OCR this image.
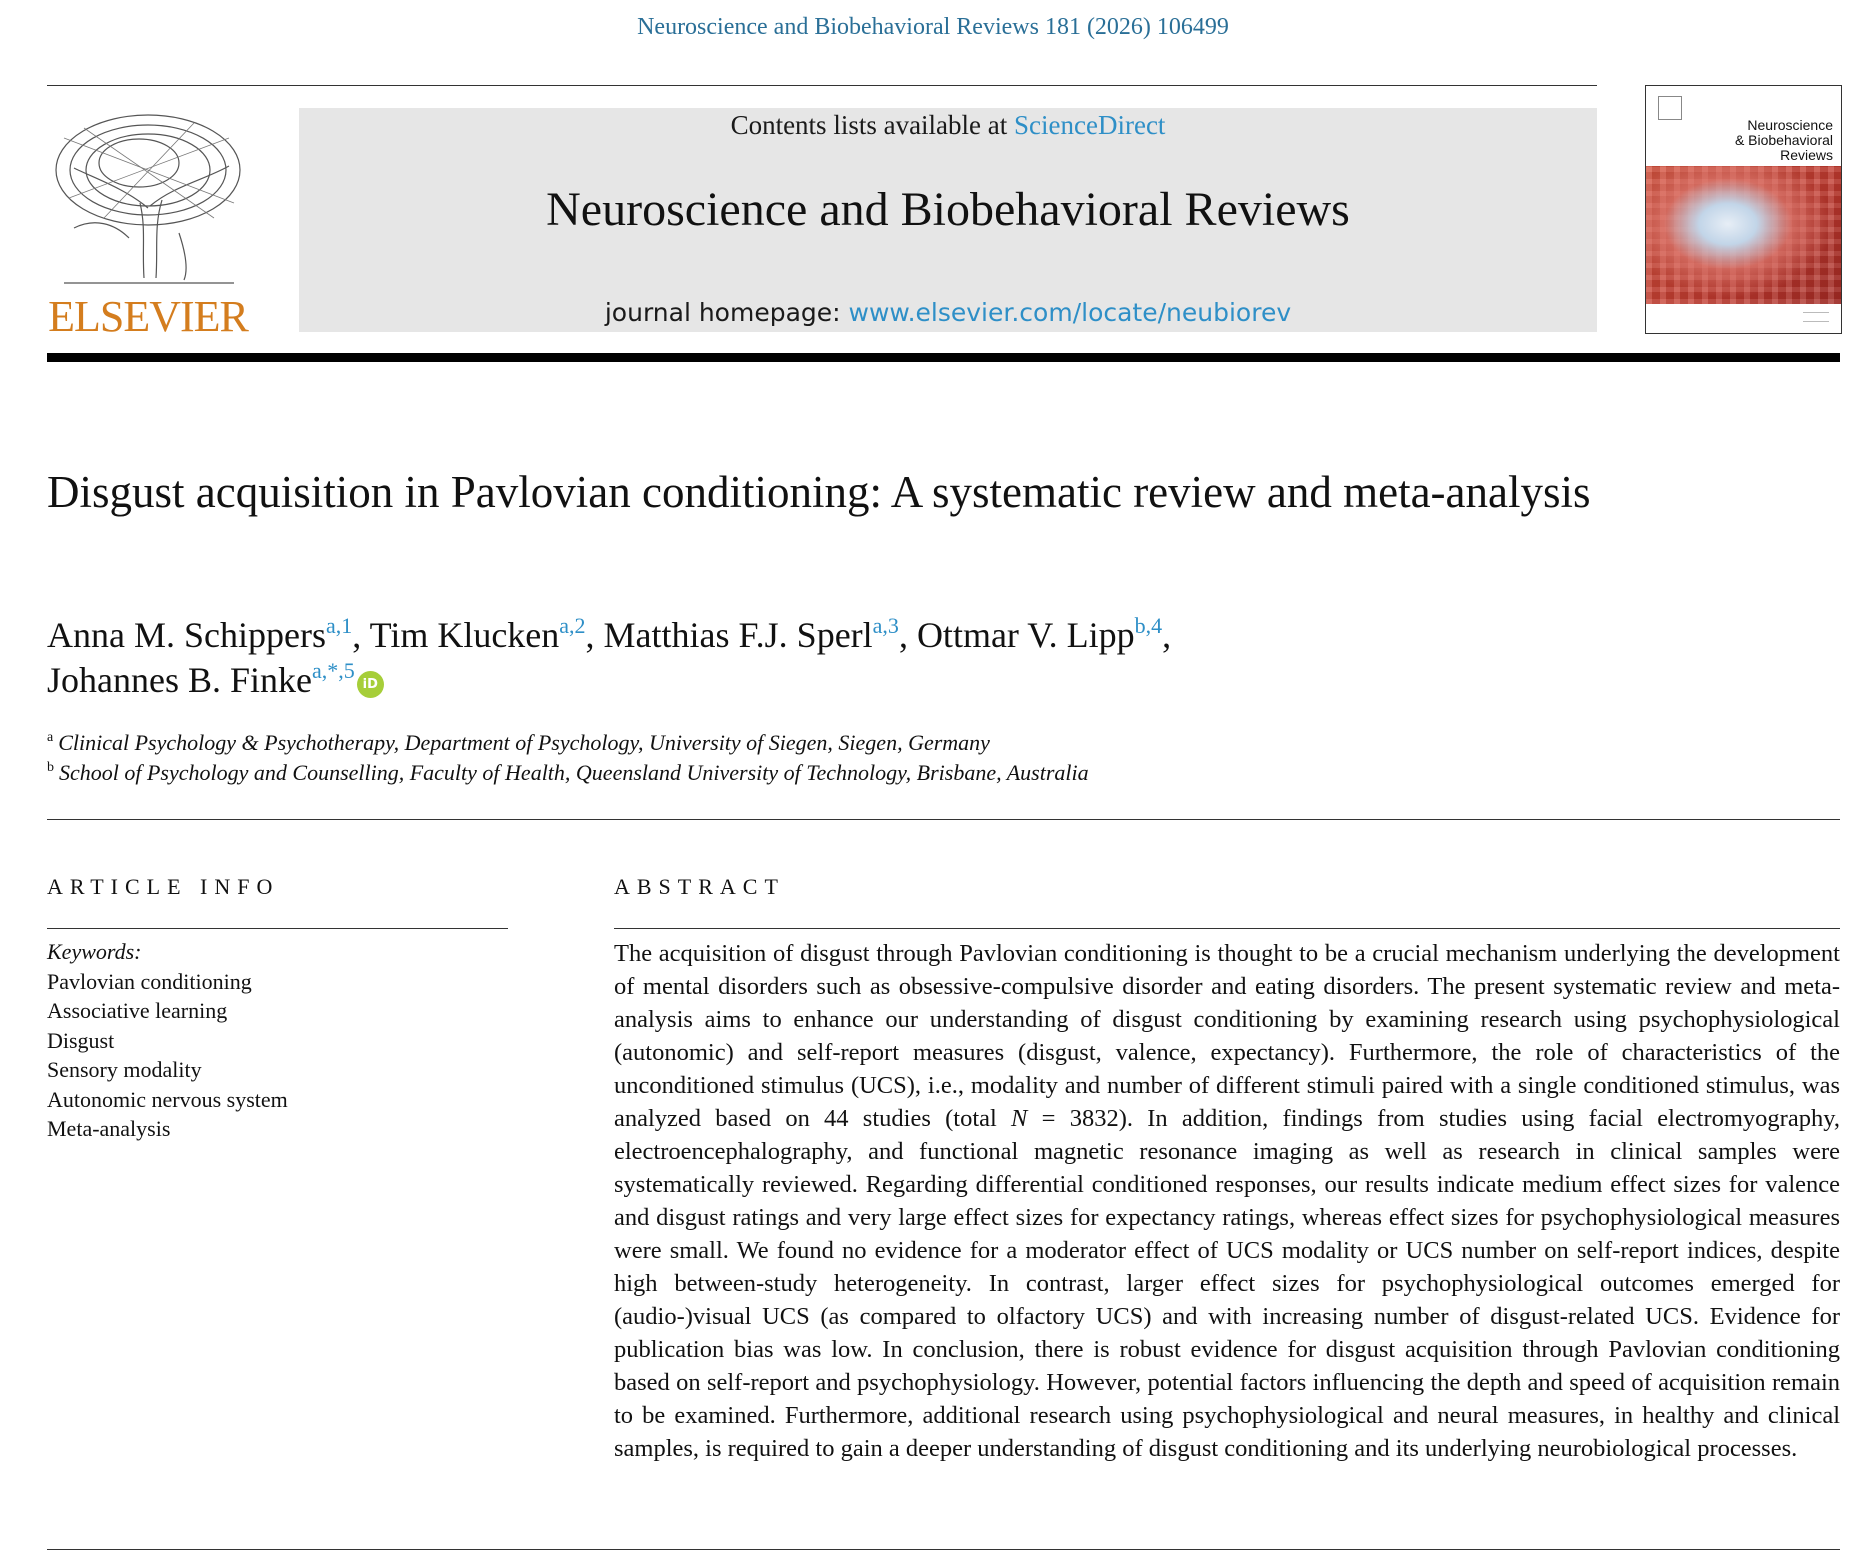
Neuroscience and Biobehavioral Reviews 181 (2026) 106499
ELSEVIER
Contents lists available at ScienceDirect
Neuroscience and Biobehavioral Reviews
journal homepage: www.elsevier.com/locate/neubiorev
Neuroscience
& Biobehavioral
Reviews
Disgust acquisition in Pavlovian conditioning: A systematic review and meta-analysis
Anna M. Schippers$^{a,1}$, Tim Klucken$^{a,2}$, Matthias F.J. Sperl$^{a,3}$, Ottmar V. Lipp$^{b,4}$,
Johannes B. Finke$^{a,*,5}$iD
$^a$ Clinical Psychology & Psychotherapy, Department of Psychology, University of Siegen, Siegen, Germany
$^b$ School of Psychology and Counselling, Faculty of Health, Queensland University of Technology, Brisbane, Australia
ARTICLE INFO	ABSTRACT
Keywords:
Pavlovian conditioning
Associative learning
Disgust
Sensory modality
Autonomic nervous system
Meta-analysis
The acquisition of disgust through Pavlovian conditioning is thought to be a crucial mechanism underlying the development of mental disorders such as obsessive-compulsive disorder and eating disorders. The present systematic review and meta-analysis aims to enhance our understanding of disgust conditioning by examining research using psychophysiological (autonomic) and self-report measures (disgust, valence, expectancy). Furthermore, the role of characteristics of the unconditioned stimulus (UCS), i.e., modality and number of different stimuli paired with a single conditioned stimulus, was analyzed based on 44 studies (total N = 3832). In addition, findings from studies using facial electromyography, electroencephalography, and functional magnetic resonance imaging as well as research in clinical samples were systematically reviewed. Regarding differential conditioned responses, our results indicate medium effect sizes for valence and disgust ratings and very large effect sizes for expectancy ratings, whereas effect sizes for psychophysiological measures were small. We found no evidence for a moderator effect of UCS modality or UCS number on self-report indices, despite high between-study heterogeneity. In contrast, larger effect sizes for psychophysiological outcomes emerged for (audio-)visual UCS (as compared to olfactory UCS) and with increasing number of disgust-related UCS. Evidence for publication bias was low. In conclusion, there is robust evidence for disgust acquisition through Pavlovian conditioning based on self-report and psychophysiology. However, potential factors influencing the depth and speed of acquisition remain to be examined. Furthermore, additional research using psychophysiological and neural measures, in healthy and clinical samples, is required to gain a deeper understanding of disgust conditioning and its underlying neurobiological processes.
